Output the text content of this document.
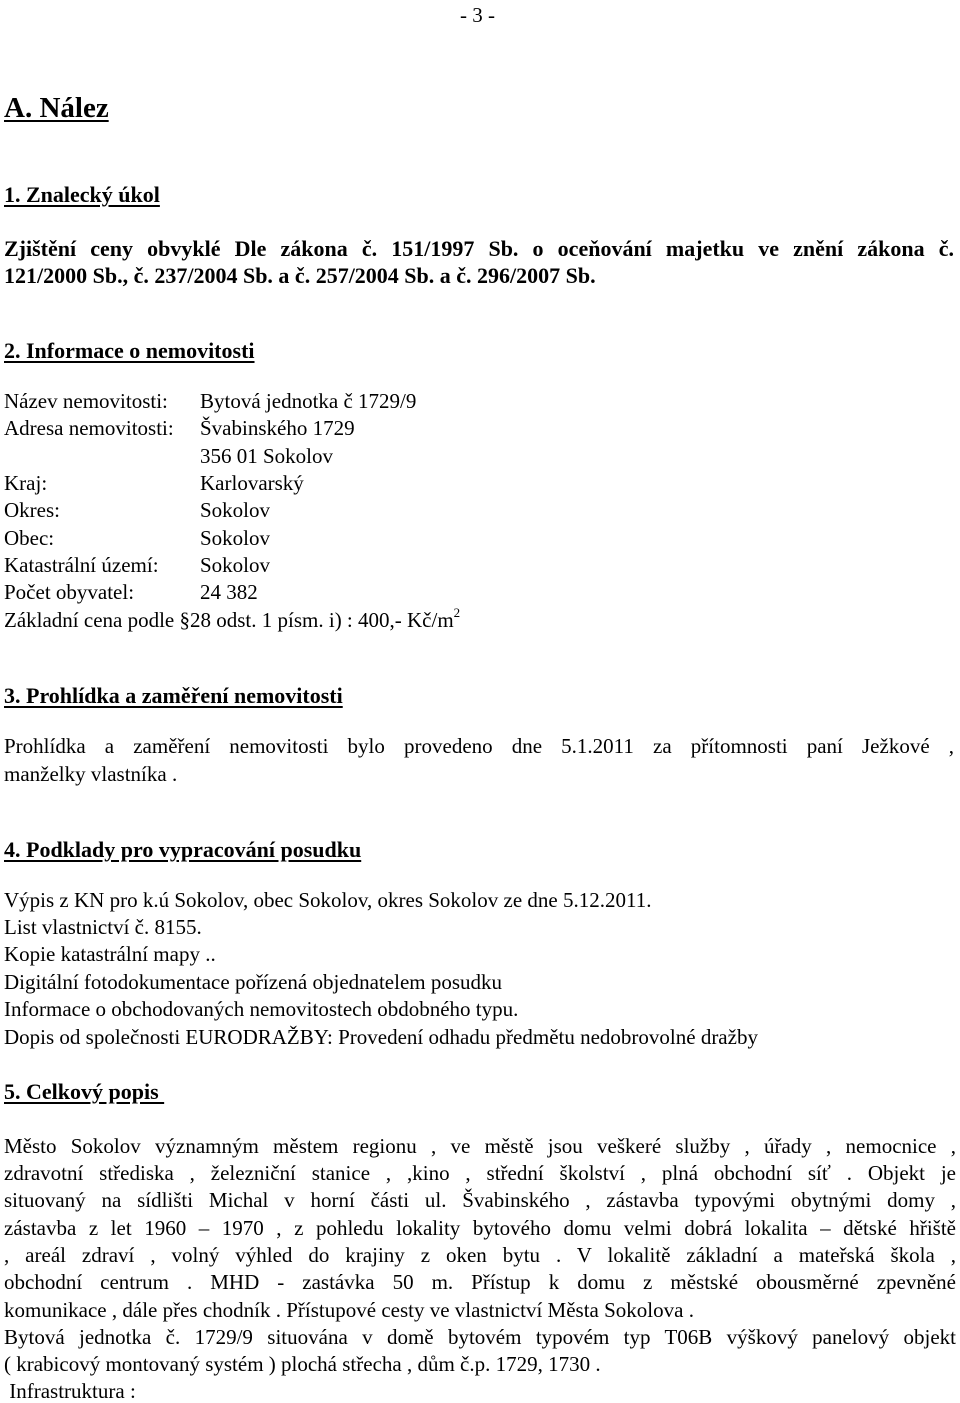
- 3 -
A. Nález
1. Znalecký úkol
Zjištění ceny obvyklé Dle zákona č. 151/1997 Sb. o oceňování majetku ve znění zákona č.
121/2000 Sb., č. 237/2004 Sb. a č. 257/2004 Sb. a č. 296/2007 Sb.
2. Informace o nemovitosti
Název nemovitosti: Bytová jednotka č 1729/9
Adresa nemovitosti: Švabinského 1729
356 01 Sokolov
Kraj:	Karlovarský
Okres:	Sokolov
Obec:	Sokolov
Katastrální území: Sokolov
Počet obyvatel:	24 382
Základní cena podle §28 odst. 1 písm. i) : 400,- $Kč/m^2$
3. Prohlídka a zaměření nemovitosti
Prohlídka a zaměření nemovitosti bylo provedeno dne 5.1.2011 za přítomnosti paní Ježkové ,
manželky vlastníka .
4. Podklady pro vypracování posudku
Výpis z KN pro k.ú Sokolov, obec Sokolov, okres Sokolov ze dne 5.12.2011.
List vlastnictví č. 8155.
Kopie katastrální mapy ..
Digitální fotodokumentace pořízená objednatelem posudku
Informace o obchodovaných nemovitostech obdobného typu.
Dopis od společnosti EURODRAŽBY: Provedení odhadu předmětu nedobrovolné dražby
5. Celkový popis
Město Sokolov významným městem regionu , ve městě jsou veškeré služby , úřady , nemocnice ,
zdravotní střediska , železniční stanice , ,kino , střední školství , plná obchodní síť . Objekt je
situovaný na sídlišti Michal v horní části ul. Švabinského , zástavba typovými obytnými domy ,
zástavba z let 1960 – 1970 , z pohledu lokality bytového domu velmi dobrá lokalita – dětské hřiště
, areál zdraví , volný výhled do krajiny z oken bytu . V lokalitě základní a mateřská škola ,
obchodní centrum . MHD - zastávka 50 m. Přístup k domu z městské obousměrné zpevněné
komunikace , dále přes chodník . Přístupové cesty ve vlastnictví Města Sokolova .
Bytová jednotka č. 1729/9 situována v domě bytovém typovém typ T06B výškový panelový objekt
( krabicový montovaný systém ) plochá střecha , dům č.p. 1729, 1730 .
Infrastruktura :
